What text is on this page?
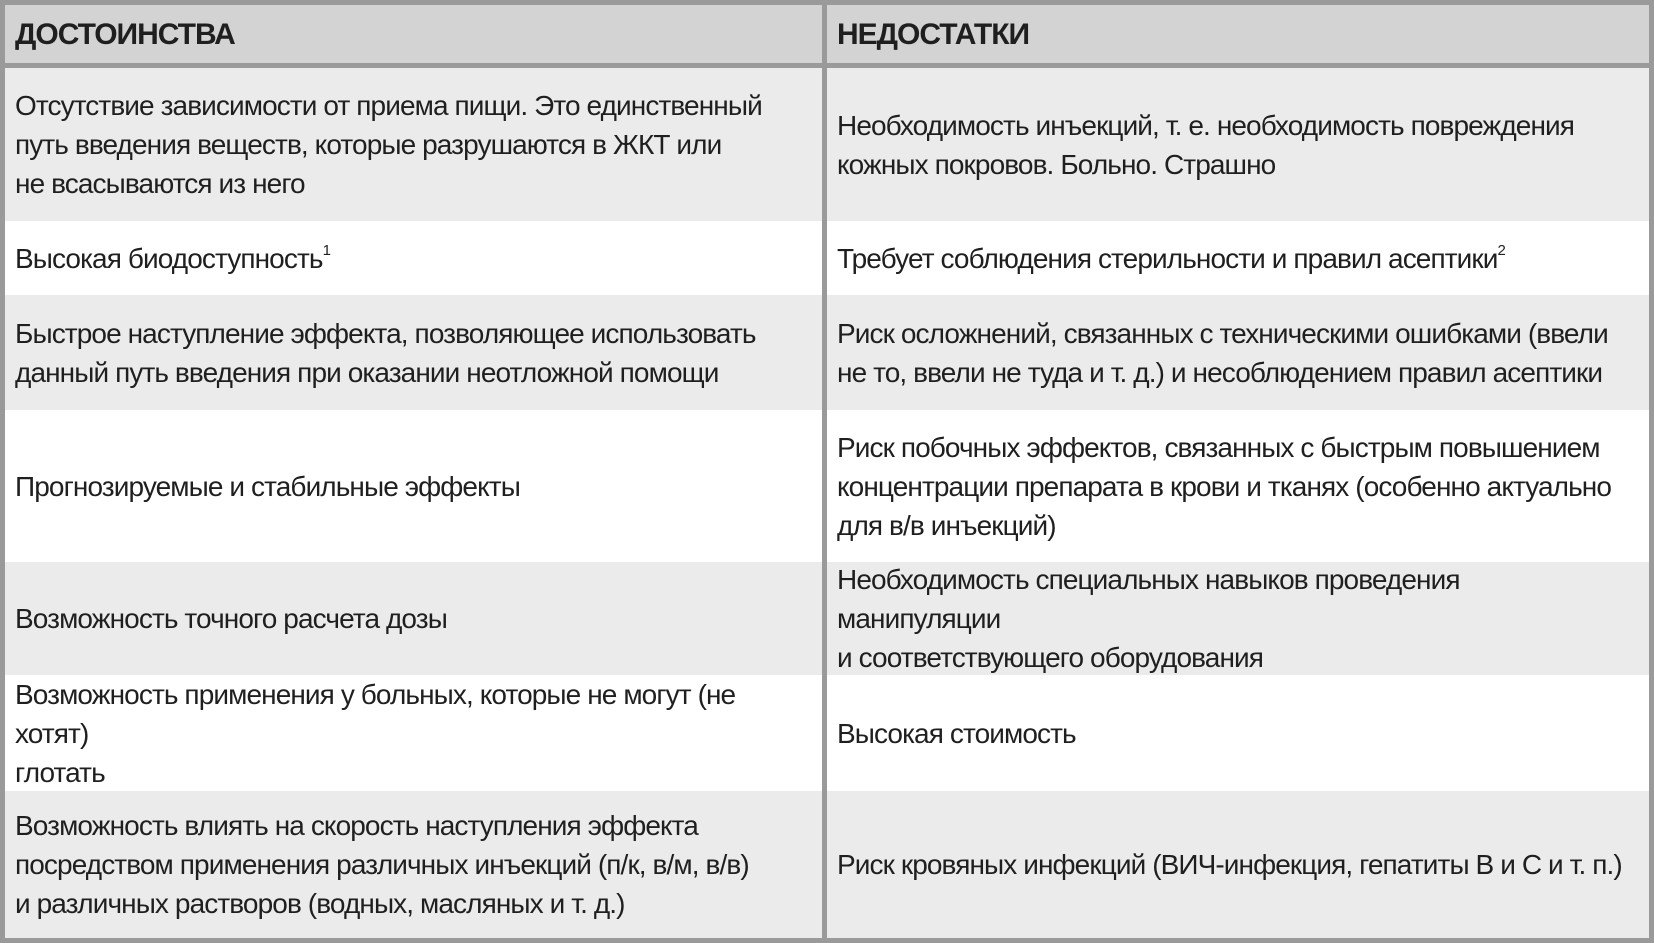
ДОСТОИНСТВА	НЕДОСТАТКИ
Отсутствие зависимости от приема пищи. Это единственный
путь введения веществ, которые разрушаются в ЖКТ или
не всасываются из него
Необходимость инъекций, т. е. необходимость повреждения
кожных покровов. Больно. Страшно
Высокая биодоступность$^1$	Требует соблюдения стерильности и правил асептики$^2$
Быстрое наступление эффекта, позволяющее использовать
данный путь введения при оказании неотложной помощи
Риск осложнений, связанных с техническими ошибками (ввели
не то, ввели не туда и т. д.) и несоблюдением правил асептики
Прогнозируемые и стабильные эффекты
Риск побочных эффектов, связанных с быстрым повышением
концентрации препарата в крови и тканях (особенно актуально
для в/в инъекций)
Возможность точного расчета дозы
Необходимость специальных навыков проведения манипуляции
и соответствующего оборудования
Возможность применения у больных, которые не могут (не хотят)
глотать
Высокая стоимость
Возможность влиять на скорость наступления эффекта
посредством применения различных инъекций (п/к, в/м, в/в)
и различных растворов (водных, масляных и т. д.)
Риск кровяных инфекций (ВИЧ-инфекция, гепатиты В и С и т. п.)
